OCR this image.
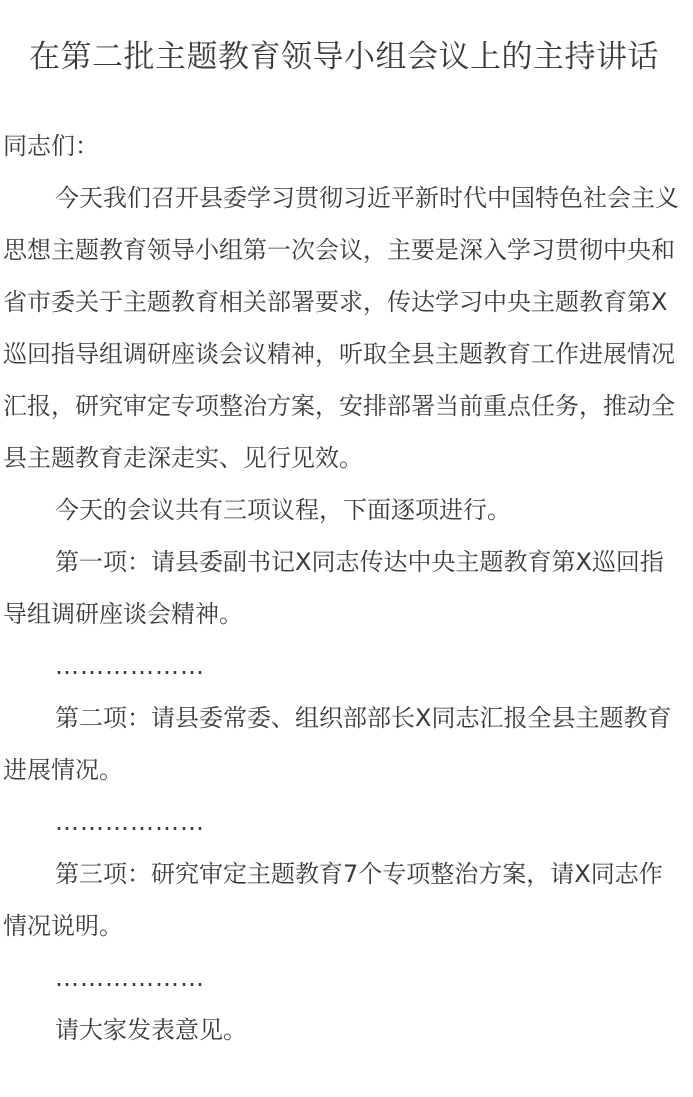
在第二批主题教育领导小组会议上的主持讲话

同志们：

今天我们召开县委学习贯彻习近平新时代中国特色社会主义思想主题教育领导小组第一次会议，主要是深入学习贯彻中央和省市委关于主题教育相关部署要求，传达学习中央主题教育第X巡回指导组调研座谈会议精神，听取全县主题教育工作进展情况汇报，研究审定专项整治方案，安排部署当前重点任务，推动全县主题教育走深走实、见行见效。

今天的会议共有三项议程，下面逐项进行。

第一项：请县委副书记X同志传达中央主题教育第X巡回指导组调研座谈会精神。

………………

第二项：请县委常委、组织部部长X同志汇报全县主题教育进展情况。

………………

第三项：研究审定主题教育7个专项整治方案，请X同志作情况说明。

………………

请大家发表意见。
